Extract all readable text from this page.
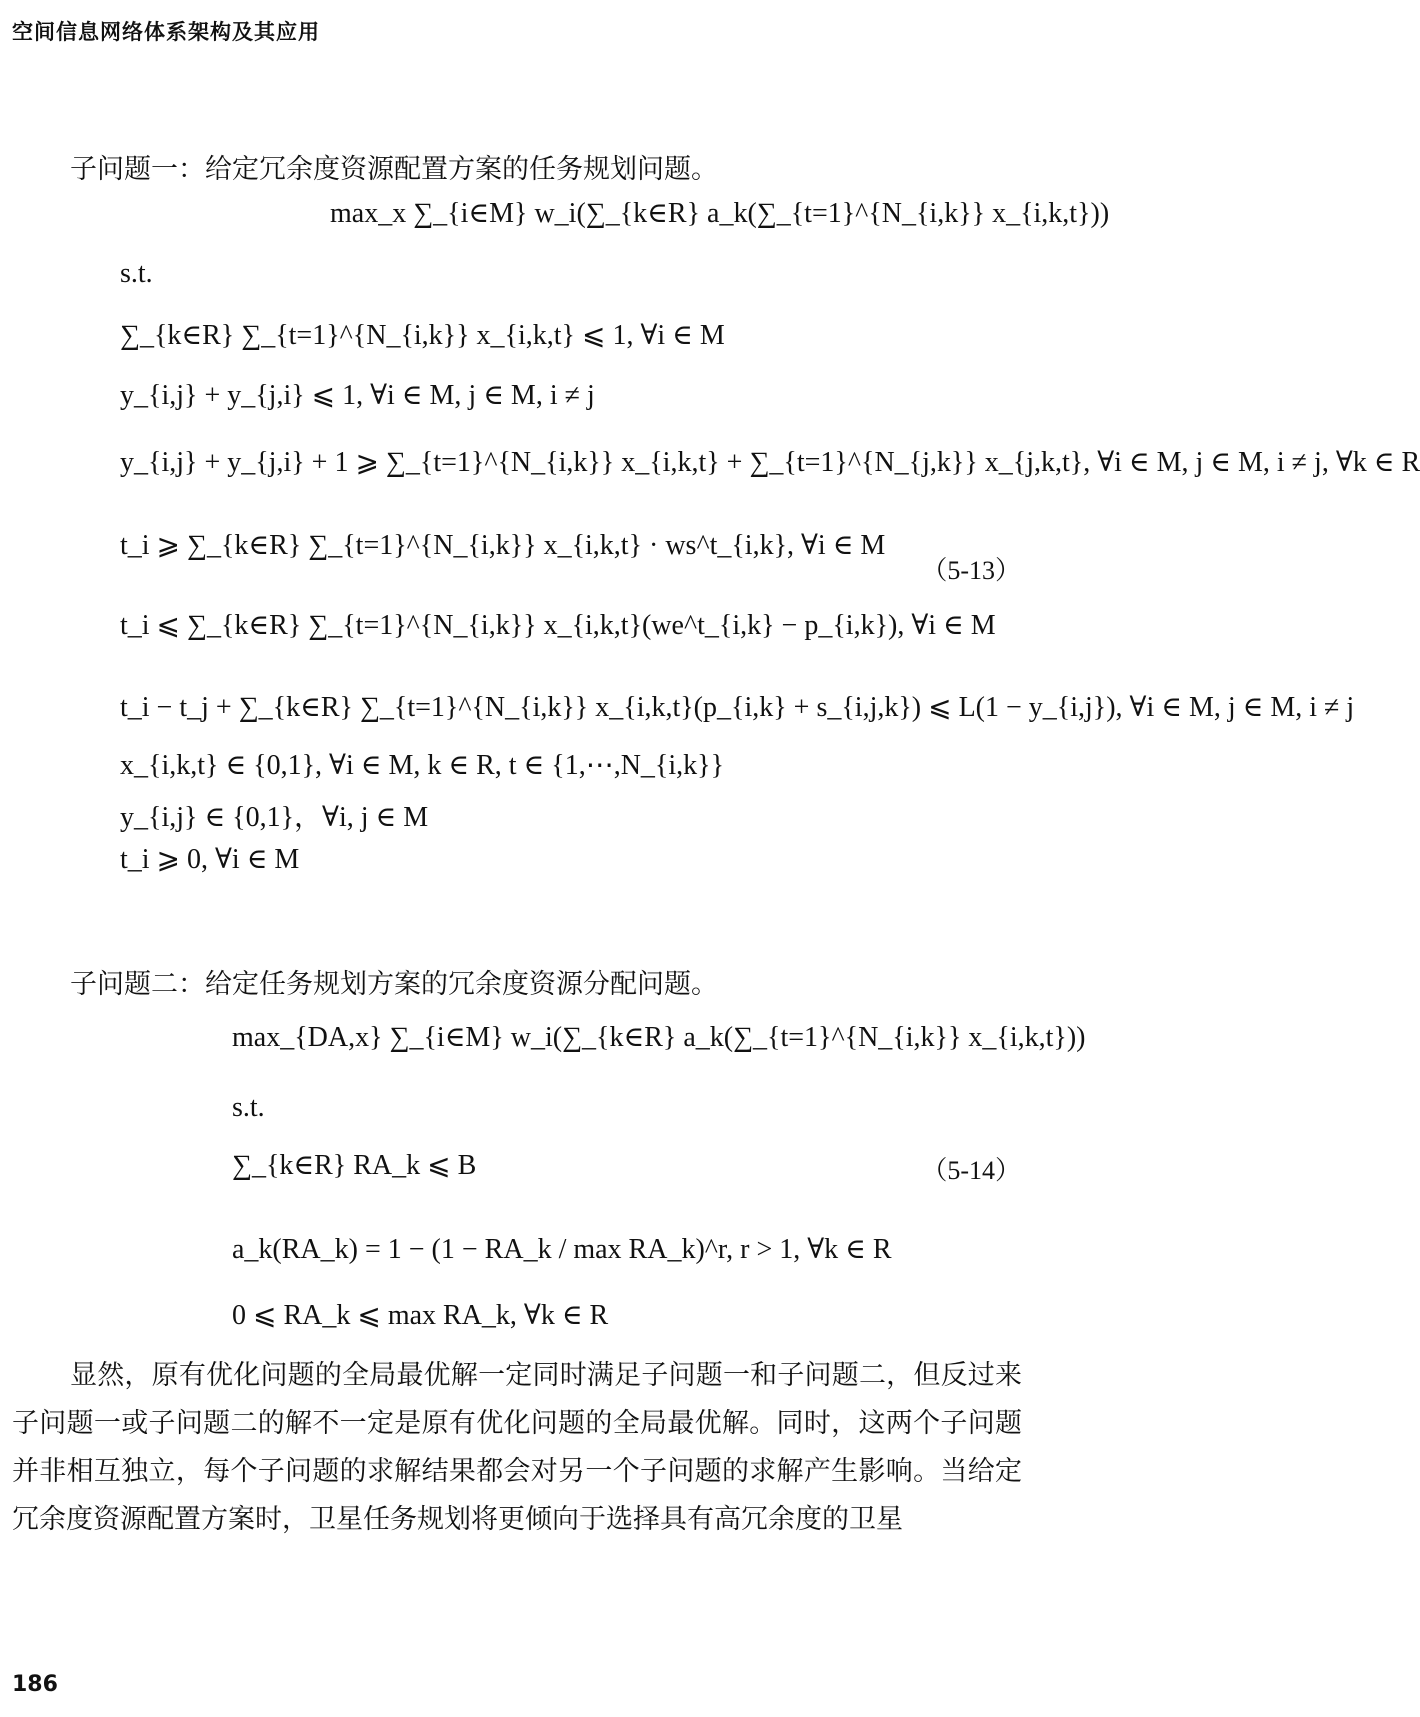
空间信息网络体系架构及其应用
子问题一：给定冗余度资源配置方案的任务规划问题。
max_x ∑_{i∈M} w_i(∑_{k∈R} a_k(∑_{t=1}^{N_{i,k}} x_{i,k,t}))
s.t.
∑_{k∈R} ∑_{t=1}^{N_{i,k}} x_{i,k,t} ⩽ 1, ∀i ∈ M
y_{i,j} + y_{j,i} ⩽ 1, ∀i ∈ M, j ∈ M, i ≠ j
y_{i,j} + y_{j,i} + 1 ⩾ ∑_{t=1}^{N_{i,k}} x_{i,k,t} + ∑_{t=1}^{N_{j,k}} x_{j,k,t}, ∀i ∈ M, j ∈ M, i ≠ j, ∀k ∈ R
t_i ⩾ ∑_{k∈R} ∑_{t=1}^{N_{i,k}} x_{i,k,t} · ws^t_{i,k}, ∀i ∈ M
（5-13）
t_i ⩽ ∑_{k∈R} ∑_{t=1}^{N_{i,k}} x_{i,k,t}(we^t_{i,k} − p_{i,k}), ∀i ∈ M
t_i − t_j + ∑_{k∈R} ∑_{t=1}^{N_{i,k}} x_{i,k,t}(p_{i,k} + s_{i,j,k}) ⩽ L(1 − y_{i,j}), ∀i ∈ M, j ∈ M, i ≠ j
x_{i,k,t} ∈ {0,1}, ∀i ∈ M, k ∈ R, t ∈ {1,⋯,N_{i,k}}
y_{i,j} ∈ {0,1}，∀i, j ∈ M
t_i ⩾ 0, ∀i ∈ M
子问题二：给定任务规划方案的冗余度资源分配问题。
max_{DA,x} ∑_{i∈M} w_i(∑_{k∈R} a_k(∑_{t=1}^{N_{i,k}} x_{i,k,t}))
s.t.
∑_{k∈R} RA_k ⩽ B	（5-14）
a_k(RA_k) = 1 − (1 − RA_k / max RA_k)^r, r > 1, ∀k ∈ R
0 ⩽ RA_k ⩽ max RA_k, ∀k ∈ R
显然，原有优化问题的全局最优解一定同时满足子问题一和子问题二，但反过来子问题一或子问题二的解不一定是原有优化问题的全局最优解。同时，这两个子问题并非相互独立，每个子问题的求解结果都会对另一个子问题的求解产生影响。当给定冗余度资源配置方案时，卫星任务规划将更倾向于选择具有高冗余度的卫星
186
